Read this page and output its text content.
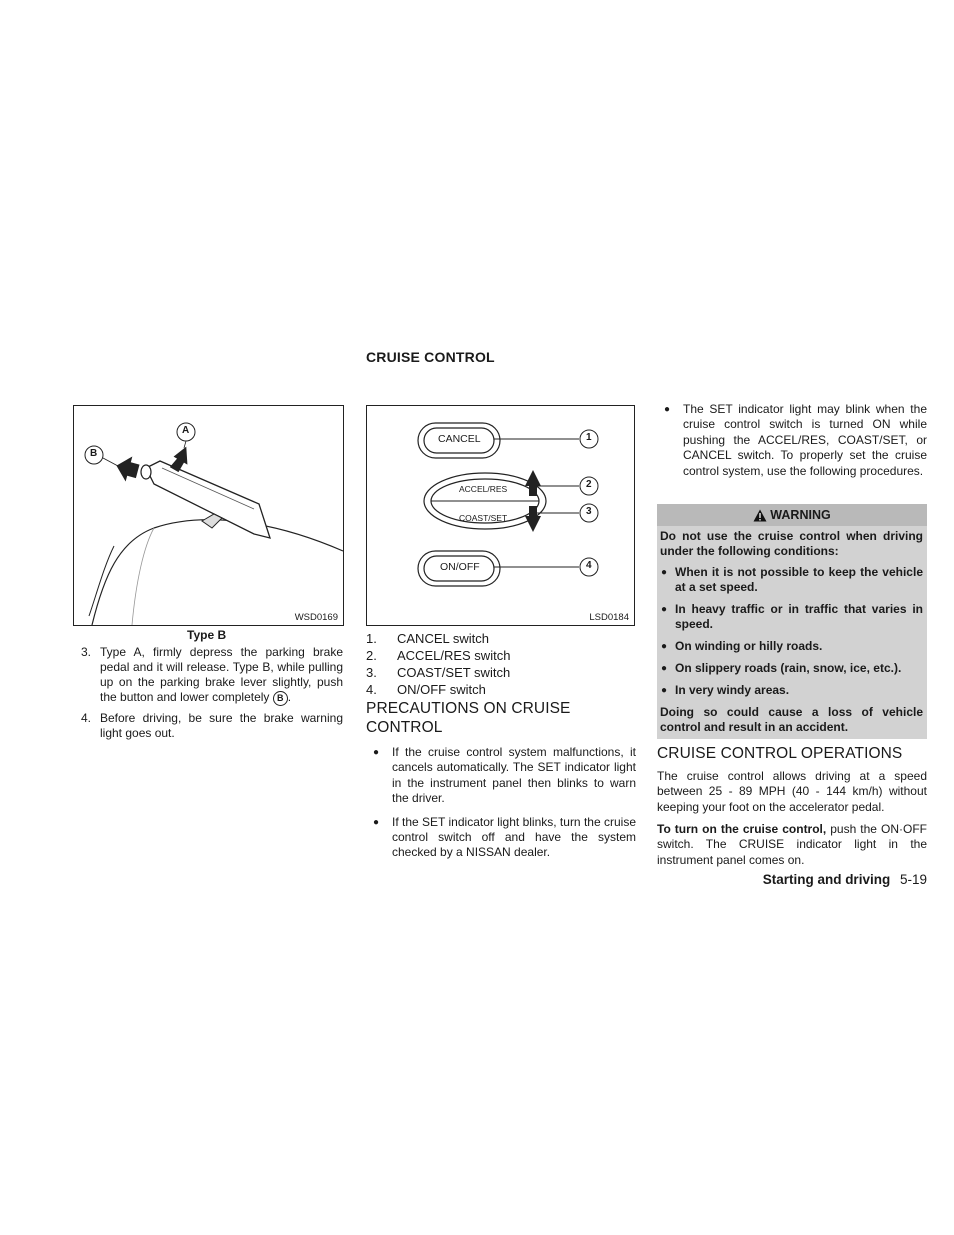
CRUISE CONTROL
B
A
WSD0169
Type B
3. Type A, firmly depress the parking brake pedal and it will release. Type B, while pulling up on the parking brake lever slightly, push the button and lower completely B .
4. Before driving, be sure the brake warning light goes out.
CANCEL
ACCEL/RES
COAST/SET
ON/OFF
1
2
3
4
LSD0184
1. CANCEL switch
2. ACCEL/RES switch
3. COAST/SET switch
4. ON/OFF switch
PRECAUTIONS ON CRUISE CONTROL
● If the cruise control system malfunctions, it cancels automatically. The SET indicator light in the instrument panel then blinks to warn the driver.
● If the SET indicator light blinks, turn the cruise control switch off and have the system checked by a NISSAN dealer.
● The SET indicator light may blink when the cruise control switch is turned ON while pushing the ACCEL/RES, COAST/SET, or CANCEL switch. To properly set the cruise control system, use the following procedures.
WARNING

Do not use the cruise control when driving under the following conditions:

● When it is not possible to keep the vehicle at a set speed.
● In heavy traffic or in traffic that varies in speed.
● On winding or hilly roads.
● On slippery roads (rain, snow, ice, etc.).
● In very windy areas.

Doing so could cause a loss of vehicle control and result in an accident.

CRUISE CONTROL OPERATIONS

The cruise control allows driving at a speed between 25 - 89 MPH (40 - 144 km/h) without keeping your foot on the accelerator pedal.

To turn on the cruise control, push the ON·OFF switch. The CRUISE indicator light in the instrument panel comes on.

Starting and driving 5-19
